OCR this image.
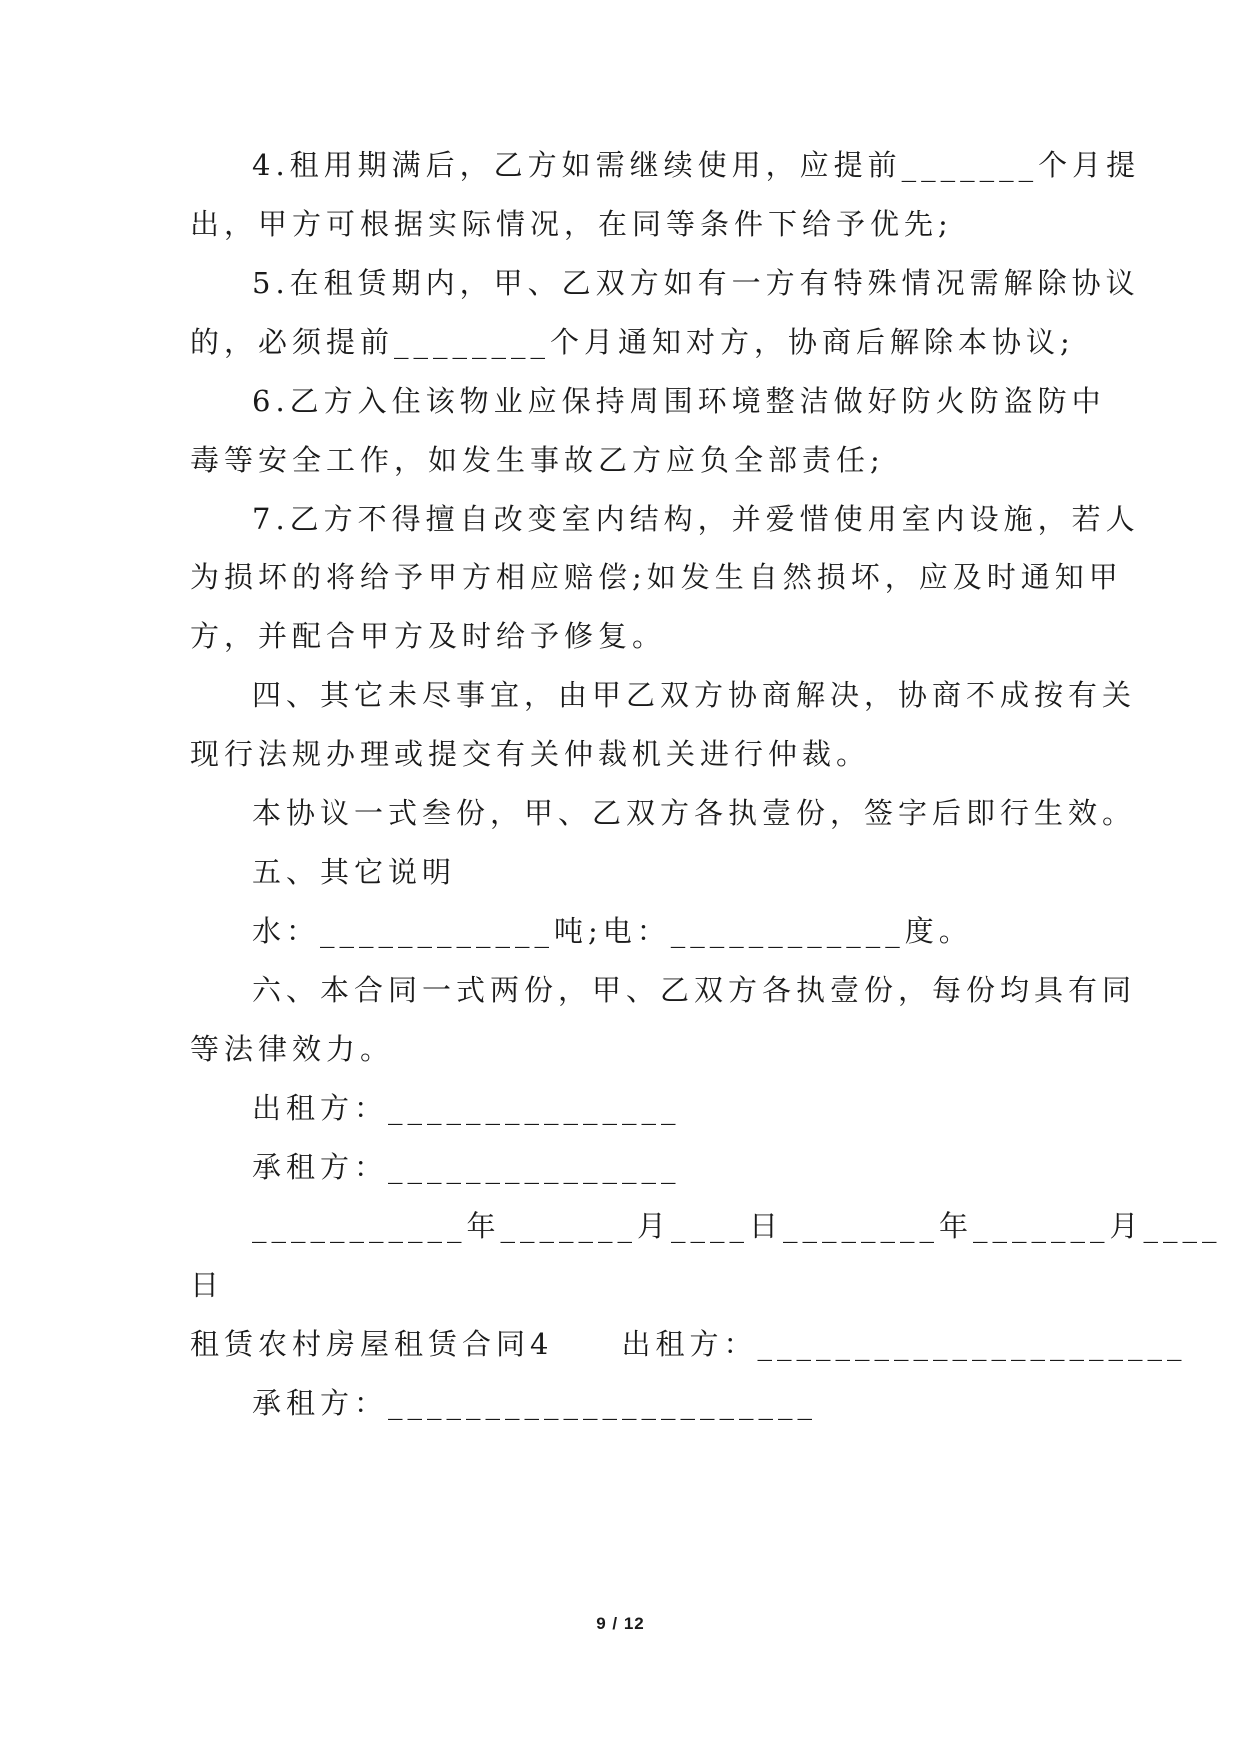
4.租用期满后，乙方如需继续使用，应提前_______个月提
出，甲方可根据实际情况，在同等条件下给予优先;
5.在租赁期内，甲、乙双方如有一方有特殊情况需解除协议
的，必须提前________个月通知对方，协商后解除本协议;
6.乙方入住该物业应保持周围环境整洁做好防火防盗防中
毒等安全工作，如发生事故乙方应负全部责任;
7.乙方不得擅自改变室内结构，并爱惜使用室内设施，若人
为损坏的将给予甲方相应赔偿;如发生自然损坏，应及时通知甲
方，并配合甲方及时给予修复。
四、其它未尽事宜，由甲乙双方协商解决，协商不成按有关
现行法规办理或提交有关仲裁机关进行仲裁。
本协议一式叁份，甲、乙双方各执壹份，签字后即行生效。
五、其它说明
水：____________吨;电：____________度。
六、本合同一式两份，甲、乙双方各执壹份，每份均具有同
等法律效力。
出租方：_______________
承租方：_______________
___________年_______月____日________年_______月____
日
租赁农村房屋租赁合同4　　出租方：______________________
承租方：______________________
9 / 12
